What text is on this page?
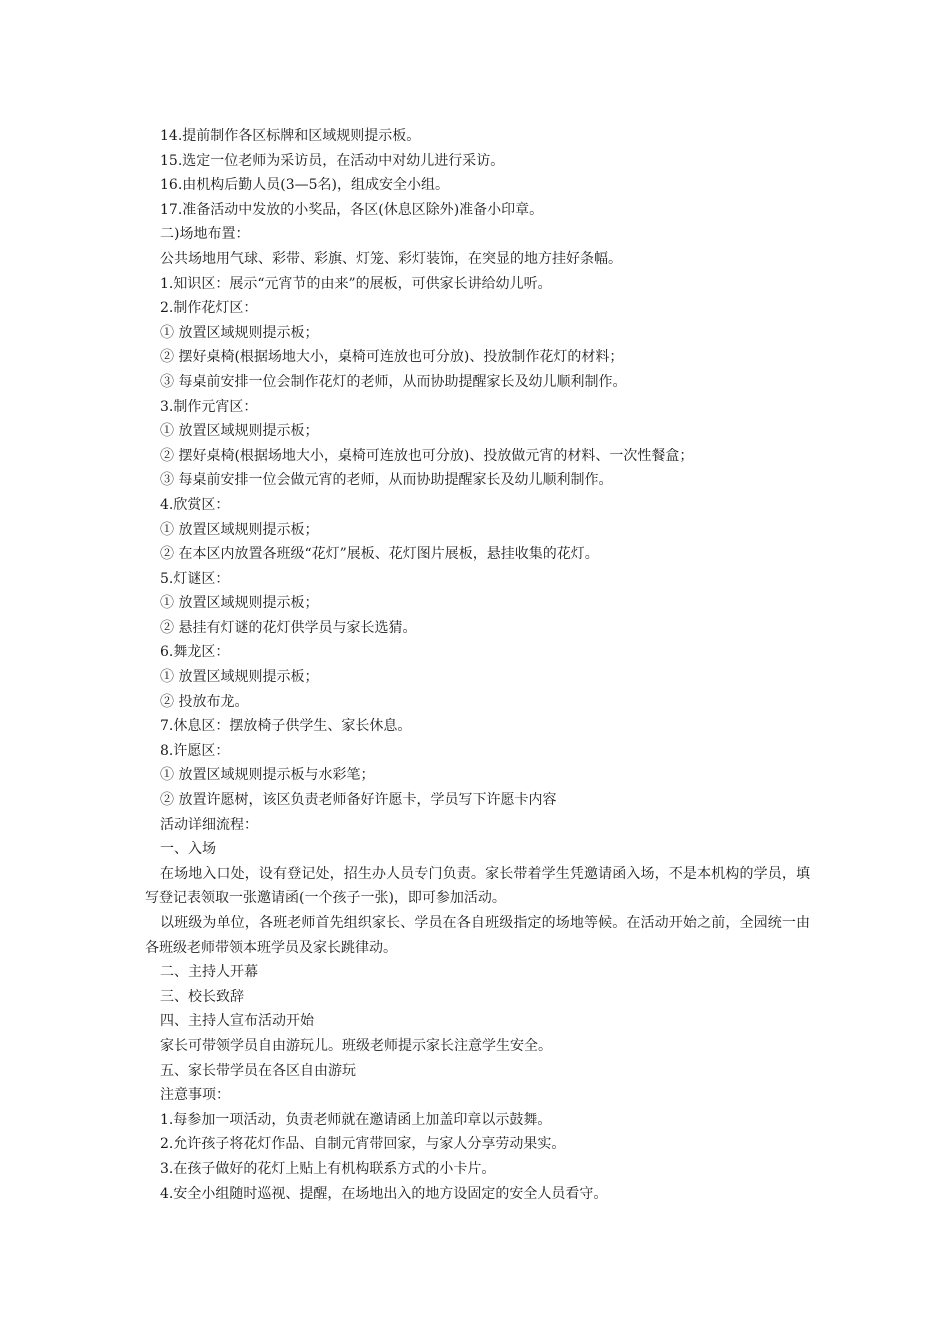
14.提前制作各区标牌和区域规则提示板。
15.选定一位老师为采访员，在活动中对幼儿进行采访。
16.由机构后勤人员(3—5名)，组成安全小组。
17.准备活动中发放的小奖品，各区(休息区除外)准备小印章。
二)场地布置：
公共场地用气球、彩带、彩旗、灯笼、彩灯装饰，在突显的地方挂好条幅。
1.知识区：展示“元宵节的由来”的展板，可供家长讲给幼儿听。
2.制作花灯区：
① 放置区域规则提示板；
② 摆好桌椅(根据场地大小，桌椅可连放也可分放)、投放制作花灯的材料；
③ 每桌前安排一位会制作花灯的老师，从而协助提醒家长及幼儿顺利制作。
3.制作元宵区：
① 放置区域规则提示板；
② 摆好桌椅(根据场地大小，桌椅可连放也可分放)、投放做元宵的材料、一次性餐盒；
③ 每桌前安排一位会做元宵的老师，从而协助提醒家长及幼儿顺利制作。
4.欣赏区：
① 放置区域规则提示板；
② 在本区内放置各班级“花灯”展板、花灯图片展板，悬挂收集的花灯。
5.灯谜区：
① 放置区域规则提示板；
② 悬挂有灯谜的花灯供学员与家长选猜。
6.舞龙区：
① 放置区域规则提示板；
② 投放布龙。
7.休息区：摆放椅子供学生、家长休息。
8.许愿区：
① 放置区域规则提示板与水彩笔；
② 放置许愿树，该区负责老师备好许愿卡，学员写下许愿卡内容
活动详细流程：
一、入场

在场地入口处，设有登记处，招生办人员专门负责。家长带着学生凭邀请函入场，不是本机构的学员，填写登记表领取一张邀请函(一个孩子一张)，即可参加活动。

以班级为单位，各班老师首先组织家长、学员在各自班级指定的场地等候。在活动开始之前，全园统一由各班级老师带领本班学员及家长跳律动。

二、主持人开幕
三、校长致辞
四、主持人宣布活动开始
家长可带领学员自由游玩儿。班级老师提示家长注意学生安全。
五、家长带学员在各区自由游玩
注意事项：
1.每参加一项活动，负责老师就在邀请函上加盖印章以示鼓舞。
2.允许孩子将花灯作品、自制元宵带回家，与家人分享劳动果实。
3.在孩子做好的花灯上贴上有机构联系方式的小卡片。
4.安全小组随时巡视、提醒，在场地出入的地方设固定的安全人员看守。
